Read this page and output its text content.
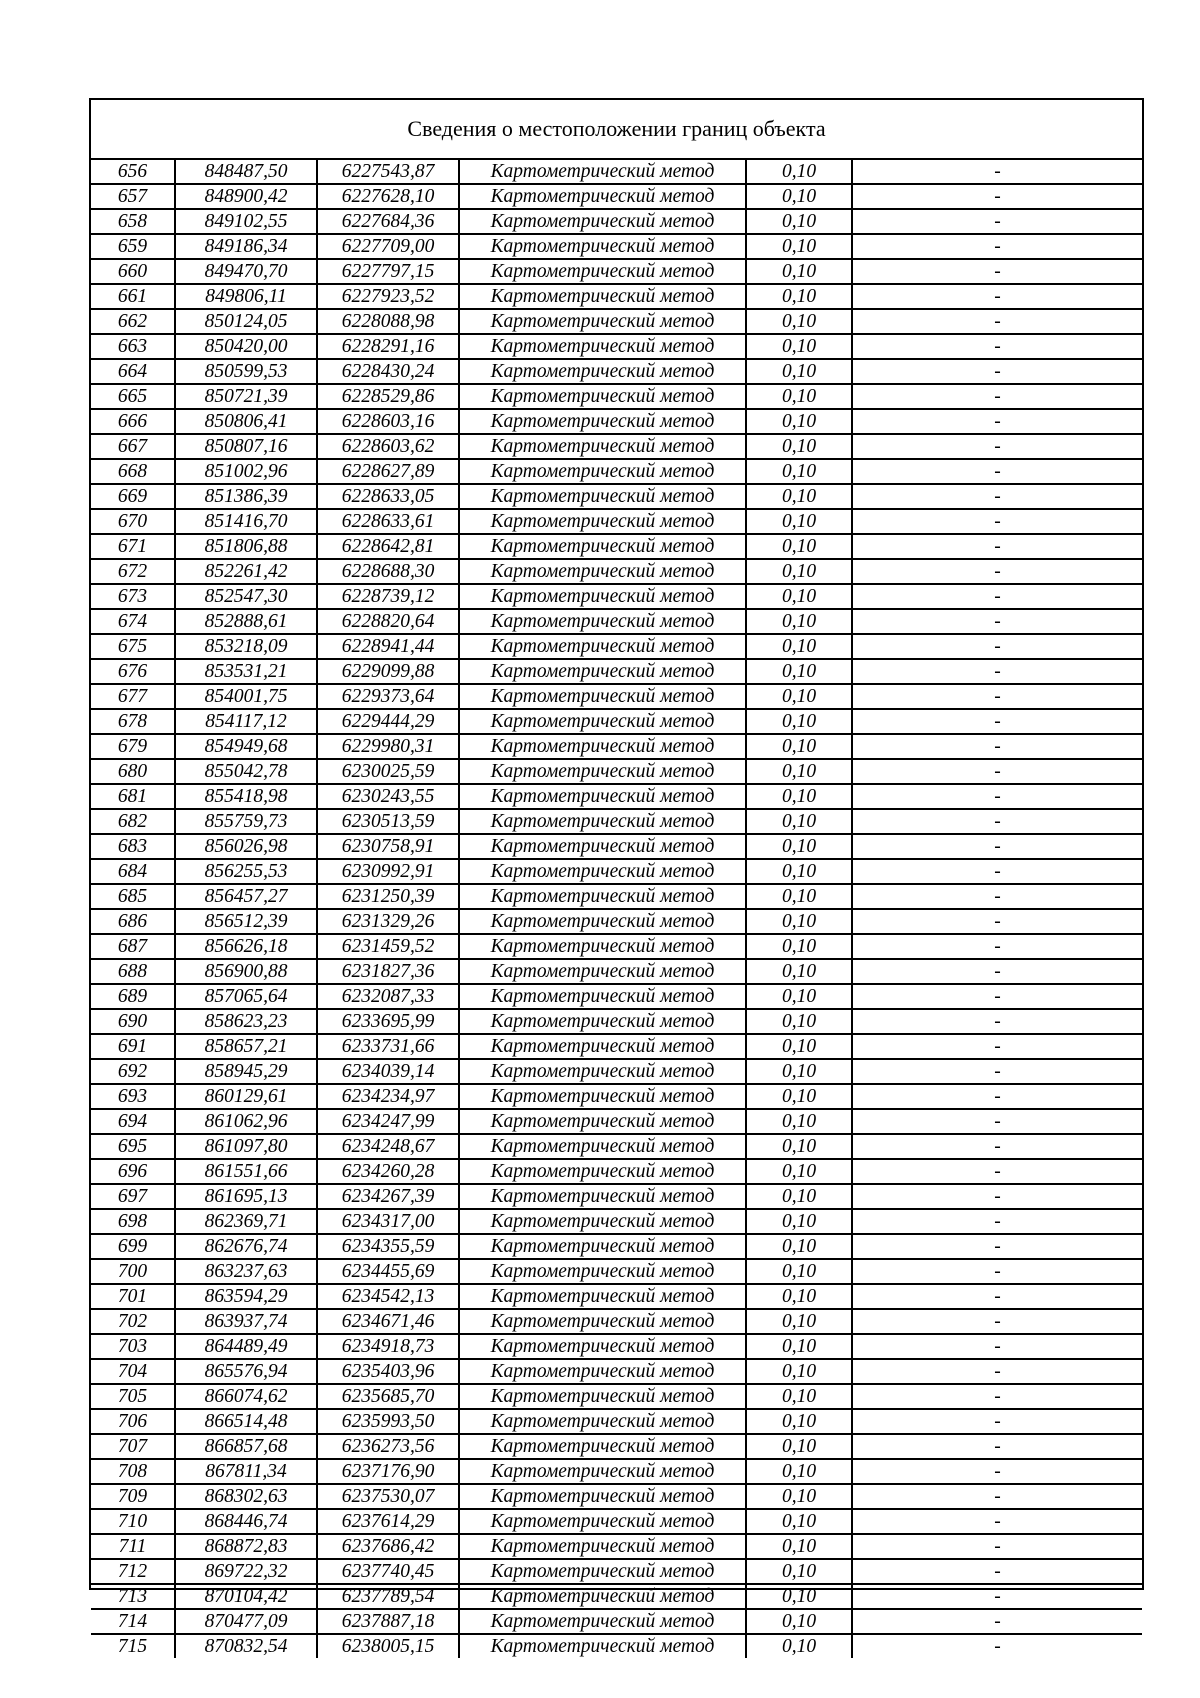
Сведения о местоположении границ объекта
656	848487,50	6227543,87	Картометрический метод	0,10	-
657	848900,42	6227628,10	Картометрический метод	0,10	-
658	849102,55	6227684,36	Картометрический метод	0,10	-
659	849186,34	6227709,00	Картометрический метод	0,10	-
660	849470,70	6227797,15	Картометрический метод	0,10	-
661	849806,11	6227923,52	Картометрический метод	0,10	-
662	850124,05	6228088,98	Картометрический метод	0,10	-
663	850420,00	6228291,16	Картометрический метод	0,10	-
664	850599,53	6228430,24	Картометрический метод	0,10	-
665	850721,39	6228529,86	Картометрический метод	0,10	-
666	850806,41	6228603,16	Картометрический метод	0,10	-
667	850807,16	6228603,62	Картометрический метод	0,10	-
668	851002,96	6228627,89	Картометрический метод	0,10	-
669	851386,39	6228633,05	Картометрический метод	0,10	-
670	851416,70	6228633,61	Картометрический метод	0,10	-
671	851806,88	6228642,81	Картометрический метод	0,10	-
672	852261,42	6228688,30	Картометрический метод	0,10	-
673	852547,30	6228739,12	Картометрический метод	0,10	-
674	852888,61	6228820,64	Картометрический метод	0,10	-
675	853218,09	6228941,44	Картометрический метод	0,10	-
676	853531,21	6229099,88	Картометрический метод	0,10	-
677	854001,75	6229373,64	Картометрический метод	0,10	-
678	854117,12	6229444,29	Картометрический метод	0,10	-
679	854949,68	6229980,31	Картометрический метод	0,10	-
680	855042,78	6230025,59	Картометрический метод	0,10	-
681	855418,98	6230243,55	Картометрический метод	0,10	-
682	855759,73	6230513,59	Картометрический метод	0,10	-
683	856026,98	6230758,91	Картометрический метод	0,10	-
684	856255,53	6230992,91	Картометрический метод	0,10	-
685	856457,27	6231250,39	Картометрический метод	0,10	-
686	856512,39	6231329,26	Картометрический метод	0,10	-
687	856626,18	6231459,52	Картометрический метод	0,10	-
688	856900,88	6231827,36	Картометрический метод	0,10	-
689	857065,64	6232087,33	Картометрический метод	0,10	-
690	858623,23	6233695,99	Картометрический метод	0,10	-
691	858657,21	6233731,66	Картометрический метод	0,10	-
692	858945,29	6234039,14	Картометрический метод	0,10	-
693	860129,61	6234234,97	Картометрический метод	0,10	-
694	861062,96	6234247,99	Картометрический метод	0,10	-
695	861097,80	6234248,67	Картометрический метод	0,10	-
696	861551,66	6234260,28	Картометрический метод	0,10	-
697	861695,13	6234267,39	Картометрический метод	0,10	-
698	862369,71	6234317,00	Картометрический метод	0,10	-
699	862676,74	6234355,59	Картометрический метод	0,10	-
700	863237,63	6234455,69	Картометрический метод	0,10	-
701	863594,29	6234542,13	Картометрический метод	0,10	-
702	863937,74	6234671,46	Картометрический метод	0,10	-
703	864489,49	6234918,73	Картометрический метод	0,10	-
704	865576,94	6235403,96	Картометрический метод	0,10	-
705	866074,62	6235685,70	Картометрический метод	0,10	-
706	866514,48	6235993,50	Картометрический метод	0,10	-
707	866857,68	6236273,56	Картометрический метод	0,10	-
708	867811,34	6237176,90	Картометрический метод	0,10	-
709	868302,63	6237530,07	Картометрический метод	0,10	-
710	868446,74	6237614,29	Картометрический метод	0,10	-
711	868872,83	6237686,42	Картометрический метод	0,10	-
712	869722,32	6237740,45	Картометрический метод	0,10	-
713	870104,42	6237789,54	Картометрический метод	0,10	-
714	870477,09	6237887,18	Картометрический метод	0,10	-
715	870832,54	6238005,15	Картометрический метод	0,10	-
